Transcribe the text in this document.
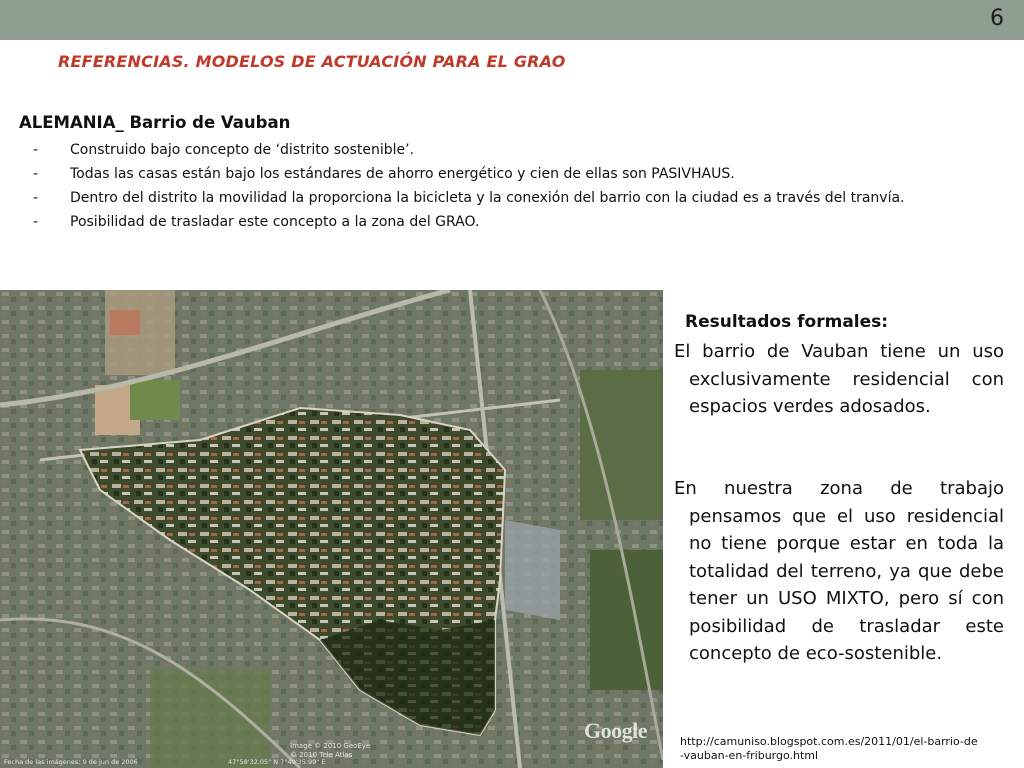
6
REFERENCIAS. MODELOS DE ACTUACIÓN PARA EL GRAO
ALEMANIA_ Barrio de Vauban
- Construido bajo concepto de ‘distrito sostenible’.
- Todas las casas están bajo los estándares de ahorro energético y cien de ellas son PASIVHAUS.
- Dentro del distrito la movilidad la proporciona la bicicleta y la conexión del barrio con la ciudad es a través del tranvía.
- Posibilidad de trasladar este concepto a la zona del GRAO.
Image © 2010 GeoEye
© 2010 Tele Atlas
Fecha de las imágenes: 9 de jun de 2006	47°58'32.05" N 7°49'35.99" E
Google
Resultados formales:
El barrio de Vauban tiene un uso exclusivamente residencial con espacios verdes adosados.
En nuestra zona de trabajo pensamos que el uso residencial no tiene porque estar en toda la totalidad del terreno, ya que debe tener un USO MIXTO, pero sí con posibilidad de trasladar este concepto de eco-sostenible.
http://camuniso.blogspot.com.es/2011/01/el-barrio-de-vauban-en-friburgo.html
